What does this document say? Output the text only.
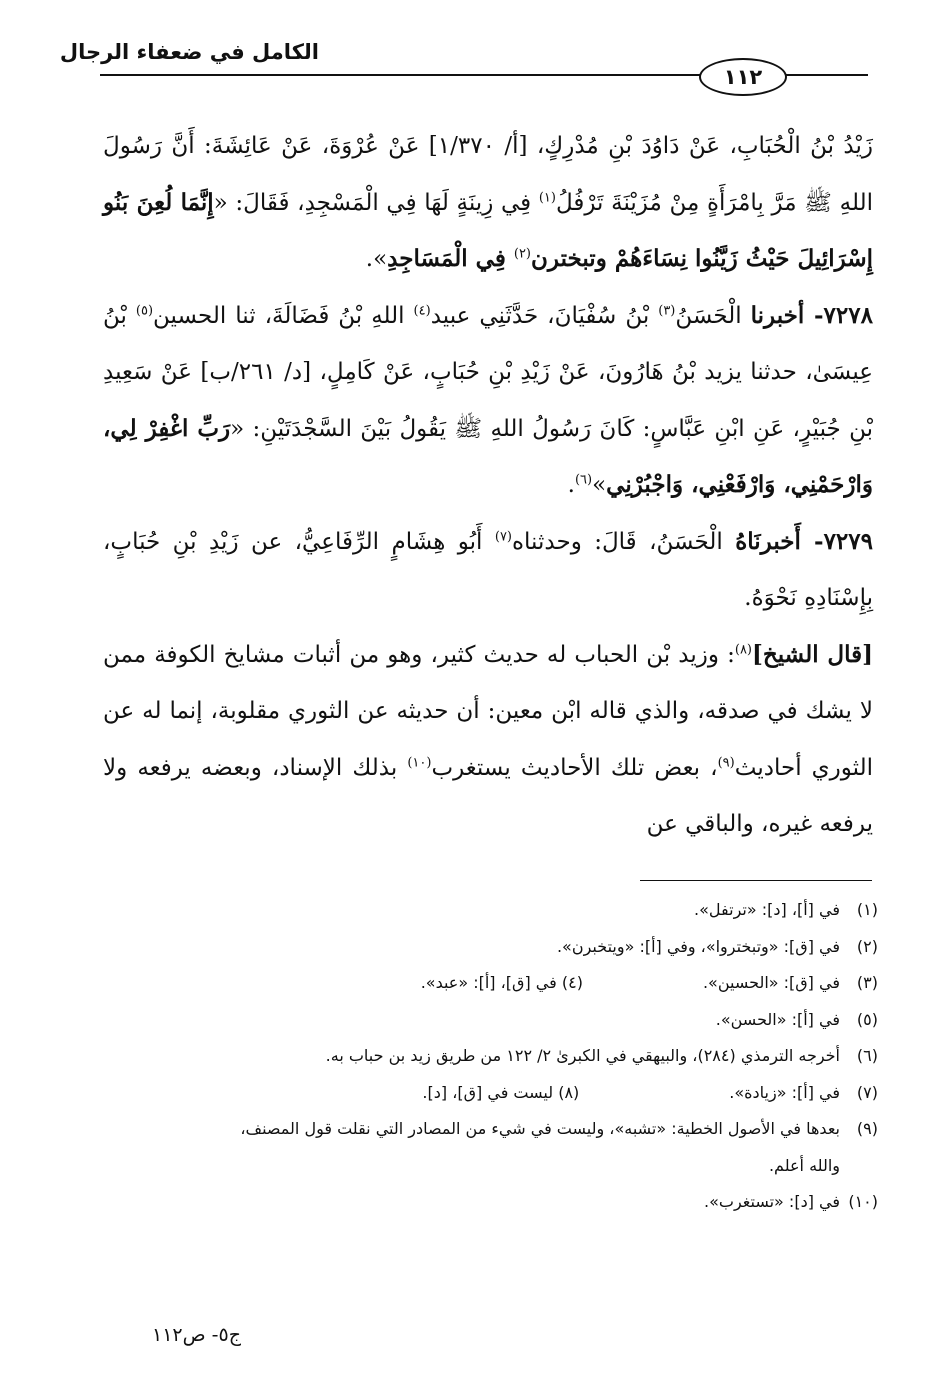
الكامل في ضعفاء الرجال
١١٢

زَيْدُ بْنُ الْحُبَابِ، عَنْ دَاوُدَ بْنِ مُدْرِكٍ، [أ/ ١/٣٧٠] عَنْ عُرْوَةَ، عَنْ عَائِشَةَ: أَنَّ رَسُولَ اللهِ ﷺ مَرَّ بِامْرَأَةٍ مِنْ مُزَيْنَةَ تَرْفُلُ$^{(١)}$ فِي زِينَةٍ لَهَا فِي الْمَسْجِدِ، فَقَالَ: «إِنَّمَا لُعِنَ بَنُو إِسْرَائِيلَ حَيْثُ زَيَّنُوا نِسَاءَهُمْ وتبخترن$^{(٢)}$ فِي الْمَسَاجِدِ».

٧٢٧٨- أخبرنا الْحَسَنُ$^{(٣)}$ بْنُ سُفْيَانَ، حَدَّثَنِي عبيد$^{(٤)}$ اللهِ بْنُ فَضَالَةَ، ثنا الحسين$^{(٥)}$ بْنُ عِيسَىٰ، حدثنا يزيد بْنُ هَارُونَ، عَنْ زَيْدِ بْنِ حُبَابٍ، عَنْ كَامِلٍ، [د/ ٢٦١/ب] عَنْ سَعِيدِ بْنِ جُبَيْرٍ، عَنِ ابْنِ عَبَّاسٍ: كَانَ رَسُولُ اللهِ ﷺ يَقُولُ بَيْنَ السَّجْدَتَيْنِ: «رَبِّ اغْفِرْ لِي، وَارْحَمْنِي، وَارْفَعْنِي، وَاجْبُرْنِي»$^{(٦)}$.

٧٢٧٩- أَخبرنَاهُ الْحَسَنُ، قَالَ: وحدثناه$^{(٧)}$ أَبُو هِشَامٍ الرِّفَاعِيُّ، عن زَيْدِ بْنِ حُبَابٍ، بِإِسْنَادِهِ نَحْوَهُ.

[قال الشيخ]$^{(٨)}$: وزيد بْن الحباب له حديث كثير، وهو من أثبات مشايخ الكوفة ممن لا يشك في صدقه، والذي قاله ابْن معين: أن حديثه عن الثوري مقلوبة، إنما له عن الثوري أحاديث$^{(٩)}$، بعض تلك الأحاديث يستغرب$^{(١٠)}$ بذلك الإسناد، وبعضه يرفعه ولا يرفعه غيره، والباقي عن

(١)في [أ]، [د]: «ترتفل».
(٢)في [ق]: «وتبختروا»، وفي [أ]: «ويتخبرن».
(٣)في [ق]: «الحسين».(٤) في [ق]، [أ]: «عبد».
(٥)في [أ]: «الحسن».
(٦)أخرجه الترمذي (٢٨٤)، والبيهقي في الكبرىٰ ٢/ ١٢٢ من طريق زيد بن حباب به.
(٧)في [أ]: «زيادة».(٨) ليست في [ق]، [د].
(٩)بعدها في الأصول الخطية: «تشبه»، وليست في شيء من المصادر التي نقلت قول المصنف،
والله أعلم.
(١٠)في [د]: «تستغرب».
ج٥- ص١١٢
